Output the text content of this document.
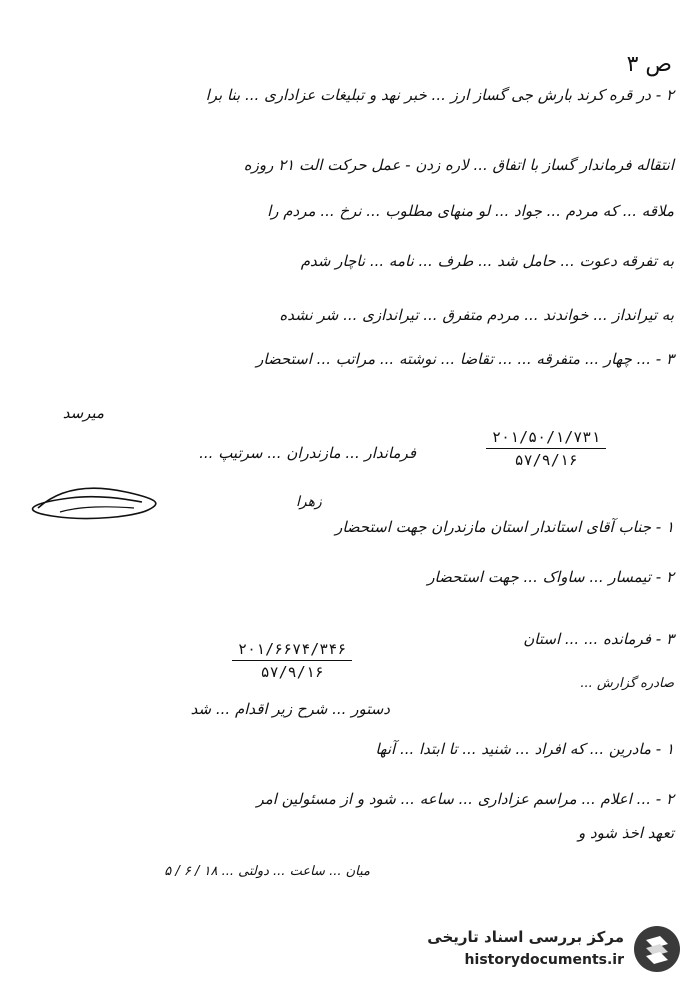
ص ٣
۲ - در قره کرند بارش جی گساز ارز ... خبر نهد و تبلیغات عزاداری ... بنا برا
انتقاله فرماندار گساز با اتفاق ... لاره زدن - عمل حرکت الت ۲۱ روزه
ملاقه ... که مردم ... جواد ... لو منهای مطلوب ... نرخ ... مردم را
به تفرقه دعوت ... حامل شد ... طرف ... نامه ... ناچار شدم
به تیرانداز ... خواندند ... مردم متفرق ... تیراندازی ... شر نشده
۳ - ... چهار ... متفرقه ... ... تقاضا ... نوشته ... مراتب ... استحضار
میرسد
فرماندار ... مازندران ... سرتیپ ...
۲۰۱/۵۰/۱/۷۳۱
۵۷/۹/۱۶
زهرا
۱ - جناب آقای استاندار استان مازندران جهت استحضار
۲ - تیمسار ... ساواک ... جهت استحضار
۳ - فرمانده ... ... استان
۲۰۱/۶۶۷۴/۳۴۶
۵۷/۹/۱۶
صادره گزارش ...
دستور ... شرح زیر اقدام ... شد
۱ - مادرین ... که افراد ... شنید ... تا ابتدا ... آنها
۲ - ... اعلام ... مراسم عزاداری ... ساعه ... شود و از مسئولین امر
تعهد اخذ شود و
میان ... ساعت ... دولتی ... ۱۸ / ۶ / ۵
مرکز بررسی اسناد تاریخی
historydocuments.ir
